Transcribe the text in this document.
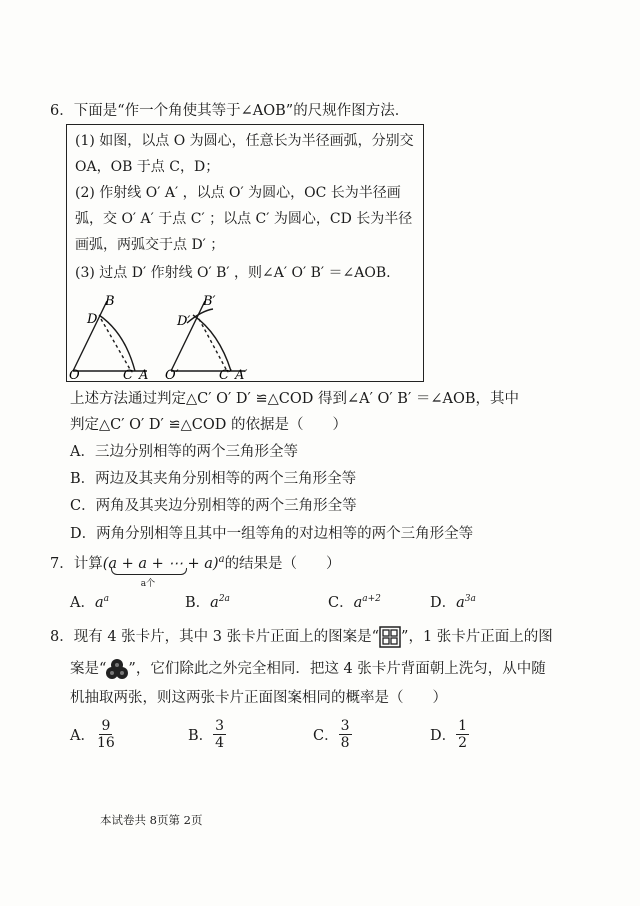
6．下面是“作一个角使其等于∠AOB”的尺规作图方法．
(1) 如图，以点 O 为圆心，任意长为半径画弧，分别交
OA，OB 于点 C，D；
(2) 作射线 O′ A′ ，以点 O′ 为圆心，OC 长为半径画
弧，交 O′ A′ 于点 C′ ；以点 C′ 为圆心，CD 长为半径
画弧，两弧交于点 D′ ；
(3) 过点 D′ 作射线 O′ B′ ，则∠A′ O′ B′ ＝∠AOB.
B
D
O	C A
B′
D′
O′	C′ A′
上述方法通过判定△C′ O′ D′ ≌△COD 得到∠A′ O′ B′ ＝∠AOB，其中
判定△C′ O′ D′ ≌△COD 的依据是（　　）
A．三边分别相等的两个三角形全等
B．两边及其夹角分别相等的两个三角形全等
C．两角及其夹边分别相等的两个三角形全等
D．两角分别相等且其中一组等角的对边相等的两个三角形全等
7．计算(a + a + ⋯ + a)$^a$
a个
的结果是（　　）
A．$a^a$	B．$a^{2a}$	C．$a^{a+2}$	D．$a^{3a}$
8．现有 4 张卡片，其中 3 张卡片正面上的图案是“ ”，1 张卡片正面上的图
案是“ ”，它们除此之外完全相同．把这 4 张卡片背面朝上洗匀，从中随
机抽取两张，则这两张卡片正面图案相同的概率是（　　）
A． $\frac{9}{16}$	B． $\frac{3}{4}$	C． $\frac{3}{8}$	D． $\frac{1}{2}$
本试卷共 8页第 2页
